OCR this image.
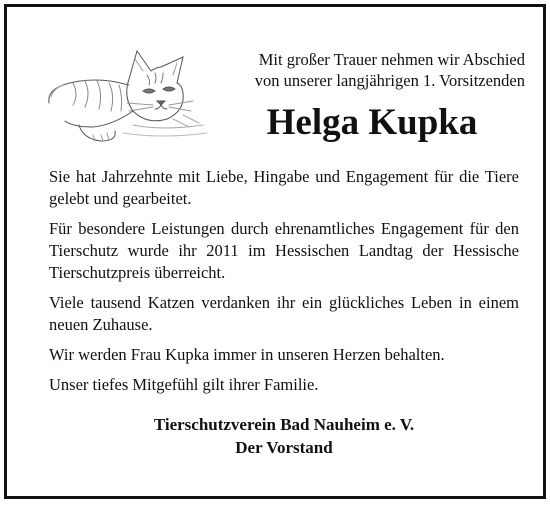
Mit großer Trauer nehmen wir Abschied
von unserer langjährigen 1. Vorsitzenden
Helga Kupka

Sie hat Jahrzehnte mit Liebe, Hingabe und Engagement für die Tiere gelebt und gearbeitet.

Für besondere Leistungen durch ehrenamtliches Engagement für den Tierschutz wurde ihr 2011 im Hessischen Landtag der Hessische Tierschutzpreis überreicht.

Viele tausend Katzen verdanken ihr ein glückliches Leben in einem neuen Zuhause.

Wir werden Frau Kupka immer in unseren Herzen behalten.

Unser tiefes Mitgefühl gilt ihrer Familie.

Tierschutzverein Bad Nauheim e. V.
Der Vorstand
